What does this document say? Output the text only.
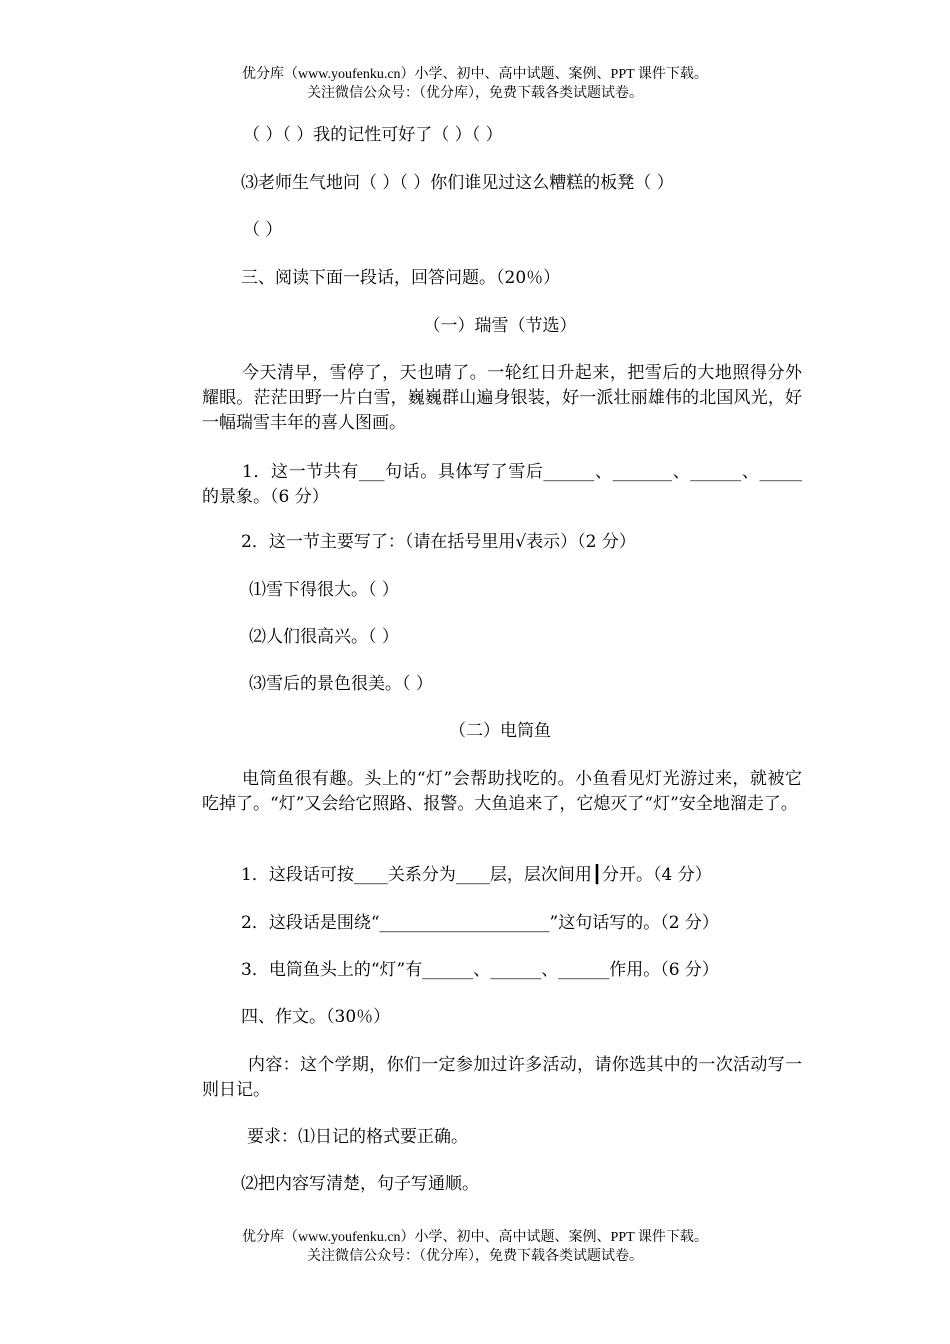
优分库（www.youfenku.cn）小学、初中、高中试题、案例、PPT 课件下载。

关注微信公众号：（优分库），免费下载各类试题试卷。

（ ）（ ）我的记性可好了（ ）（ ）

⑶老师生气地问（ ）（ ）你们谁见过这么糟糕的板凳（ ）

（ ）

三、阅读下面一段话，回答问题。（20％）

（一）瑞雪（节选）

今天清早，雪停了，天也晴了。一轮红日升起来，把雪后的大地照得分外耀眼。茫茫田野一片白雪，巍巍群山遍身银装，好一派壮丽雄伟的北国风光，好一幅瑞雪丰年的喜人图画。

1．这一节共有___句话。具体写了雪后______、_______、______、_____的景象。（6 分）

2．这一节主要写了：（请在括号里用√表示）（2 分）

⑴雪下得很大。（ ）

⑵人们很高兴。（ ）

⑶雪后的景色很美。（ ）

（二）电筒鱼

电筒鱼很有趣。头上的“灯”会帮助找吃的。小鱼看见灯光游过来，就被它吃掉了。“灯”又会给它照路、报警。大鱼追来了，它熄灭了“灯”安全地溜走了。

1．这段话可按____关系分为____层，层次间用┃分开。（4 分）

2．这段话是围绕“____________________”这句话写的。（2 分）

3．电筒鱼头上的“灯”有______、______、______作用。（6 分）

四、作文。（30％）

内容：这个学期，你们一定参加过许多活动，请你选其中的一次活动写一 则日记。

要求：⑴日记的格式要正确。

⑵把内容写清楚，句子写通顺。

优分库（www.youfenku.cn）小学、初中、高中试题、案例、PPT 课件下载。

关注微信公众号：（优分库），免费下载各类试题试卷。
